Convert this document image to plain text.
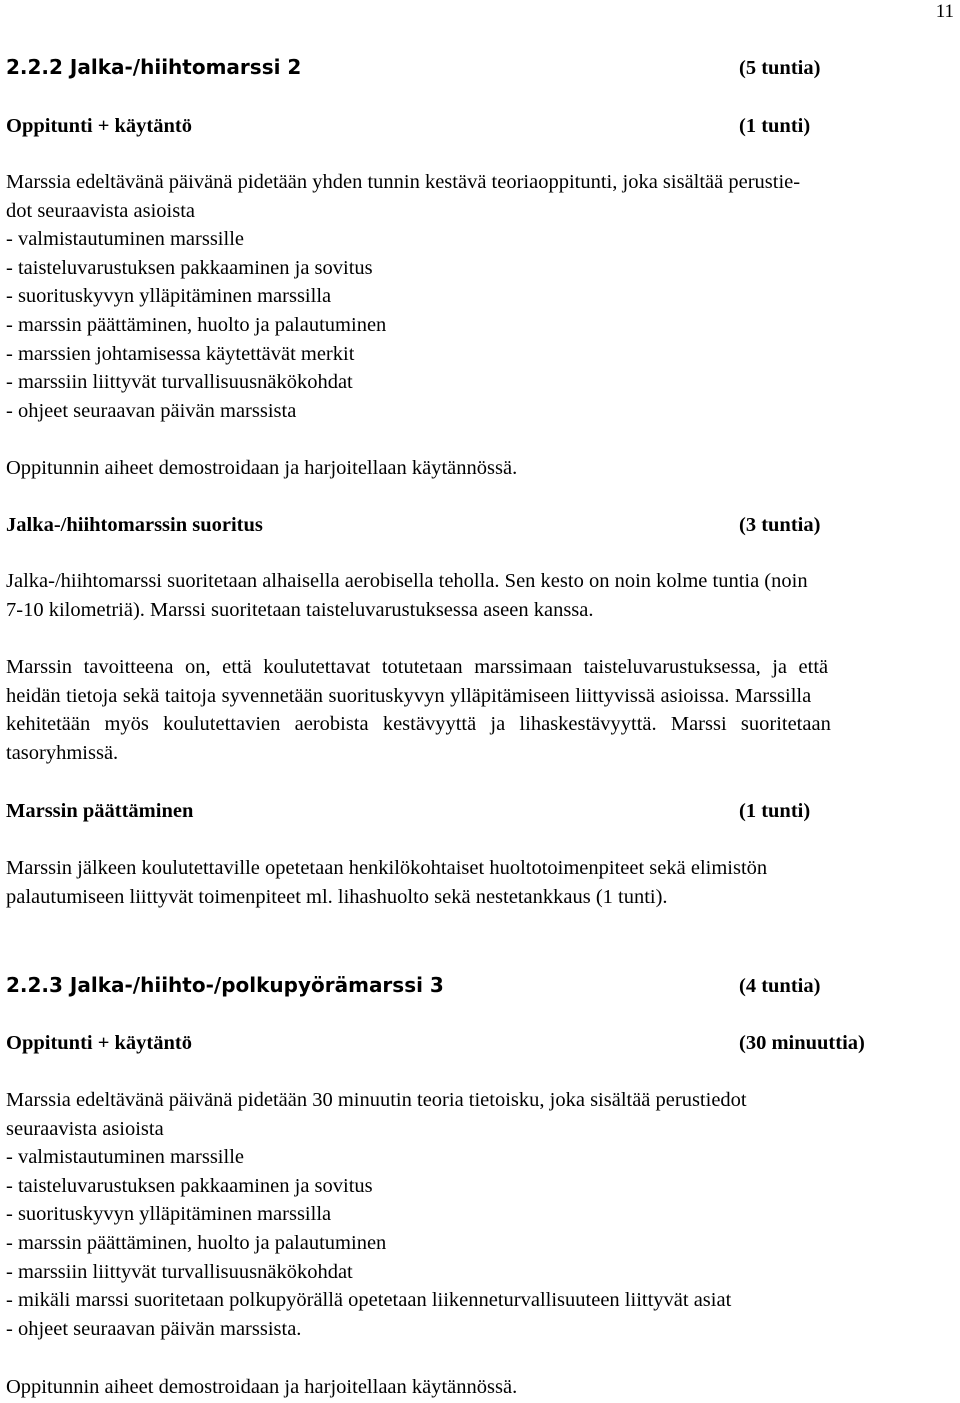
11
2.2.2 Jalka-/hiihtomarssi 2	(5 tuntia)
Oppitunti + käytäntö	(1 tunti)
Marssia edeltävänä päivänä pidetään yhden tunnin kestävä teoriaoppitunti, joka sisältää perustie-
dot seuraavista asioista
- valmistautuminen marssille
- taisteluvarustuksen pakkaaminen ja sovitus
- suorituskyvyn ylläpitäminen marssilla
- marssin päättäminen, huolto ja palautuminen
- marssien johtamisessa käytettävät merkit
- marssiin liittyvät turvallisuusnäkökohdat
- ohjeet seuraavan päivän marssista
Oppitunnin aiheet demostroidaan ja harjoitellaan käytännössä.
Jalka-/hiihtomarssin suoritus	(3 tuntia)
Jalka-/hiihtomarssi suoritetaan alhaisella aerobisella teholla. Sen kesto on noin kolme tuntia (noin
7-10 kilometriä). Marssi suoritetaan taisteluvarustuksessa aseen kanssa.
Marssin tavoitteena on, että koulutettavat totutetaan marssimaan taisteluvarustuksessa, ja että
heidän tietoja sekä taitoja syvennetään suorituskyvyn ylläpitämiseen liittyvissä asioissa. Marssilla
kehitetään myös koulutettavien aerobista kestävyyttä ja lihaskestävyyttä. Marssi suoritetaan
tasoryhmissä.
Marssin päättäminen	(1 tunti)
Marssin jälkeen koulutettaville opetetaan henkilökohtaiset huoltotoimenpiteet sekä elimistön
palautumiseen liittyvät toimenpiteet ml. lihashuolto sekä nestetankkaus (1 tunti).
2.2.3 Jalka-/hiihto-/polkupyörämarssi 3	(4 tuntia)
Oppitunti + käytäntö	(30 minuuttia)
Marssia edeltävänä päivänä pidetään 30 minuutin teoria tietoisku, joka sisältää perustiedot
seuraavista asioista
- valmistautuminen marssille
- taisteluvarustuksen pakkaaminen ja sovitus
- suorituskyvyn ylläpitäminen marssilla
- marssin päättäminen, huolto ja palautuminen
- marssiin liittyvät turvallisuusnäkökohdat
- mikäli marssi suoritetaan polkupyörällä opetetaan liikenneturvallisuuteen liittyvät asiat
- ohjeet seuraavan päivän marssista.
Oppitunnin aiheet demostroidaan ja harjoitellaan käytännössä.
